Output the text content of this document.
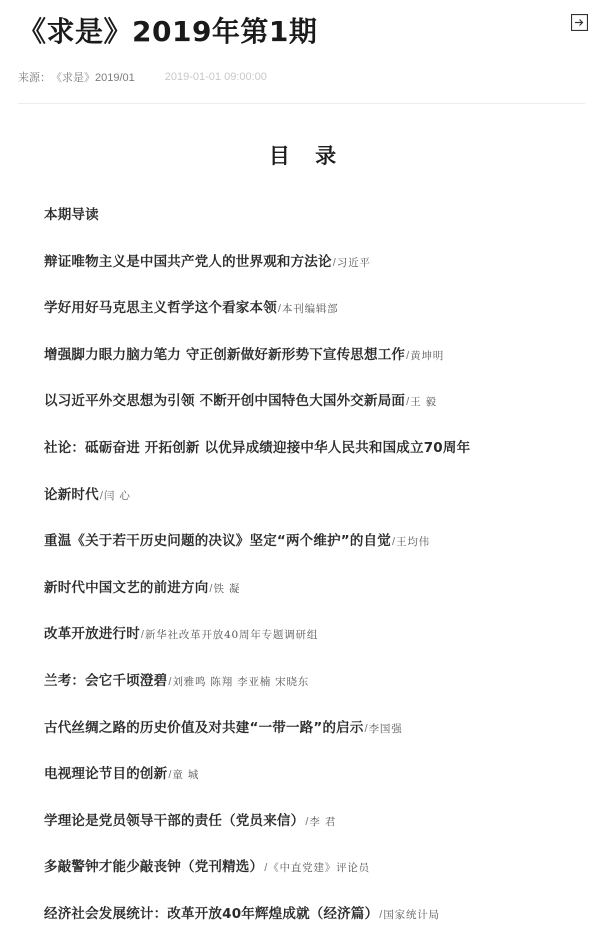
《求是》2019年第1期
来源： 《求是》2019/01	2019-01-01 09:00:00
目 录
本期导读
辩证唯物主义是中国共产党人的世界观和方法论/习近平
学好用好马克思主义哲学这个看家本领/本刊编辑部
增强脚力眼力脑力笔力 守正创新做好新形势下宣传思想工作/黄坤明
以习近平外交思想为引领 不断开创中国特色大国外交新局面/王 毅
社论：砥砺奋进 开拓创新 以优异成绩迎接中华人民共和国成立70周年
论新时代/闫 心
重温《关于若干历史问题的决议》坚定“两个维护”的自觉/王均伟
新时代中国文艺的前进方向/铁 凝
改革开放进行时/新华社改革开放40周年专题调研组
兰考：会它千顷澄碧/刘雅鸣 陈翔 李亚楠 宋晓东
古代丝绸之路的历史价值及对共建“一带一路”的启示/李国强
电视理论节目的创新/童 城
学理论是党员领导干部的责任（党员来信）/李 君
多敲警钟才能少敲丧钟（党刊精选）/《中直党建》评论员
经济社会发展统计：改革开放40年辉煌成就（经济篇）/国家统计局
